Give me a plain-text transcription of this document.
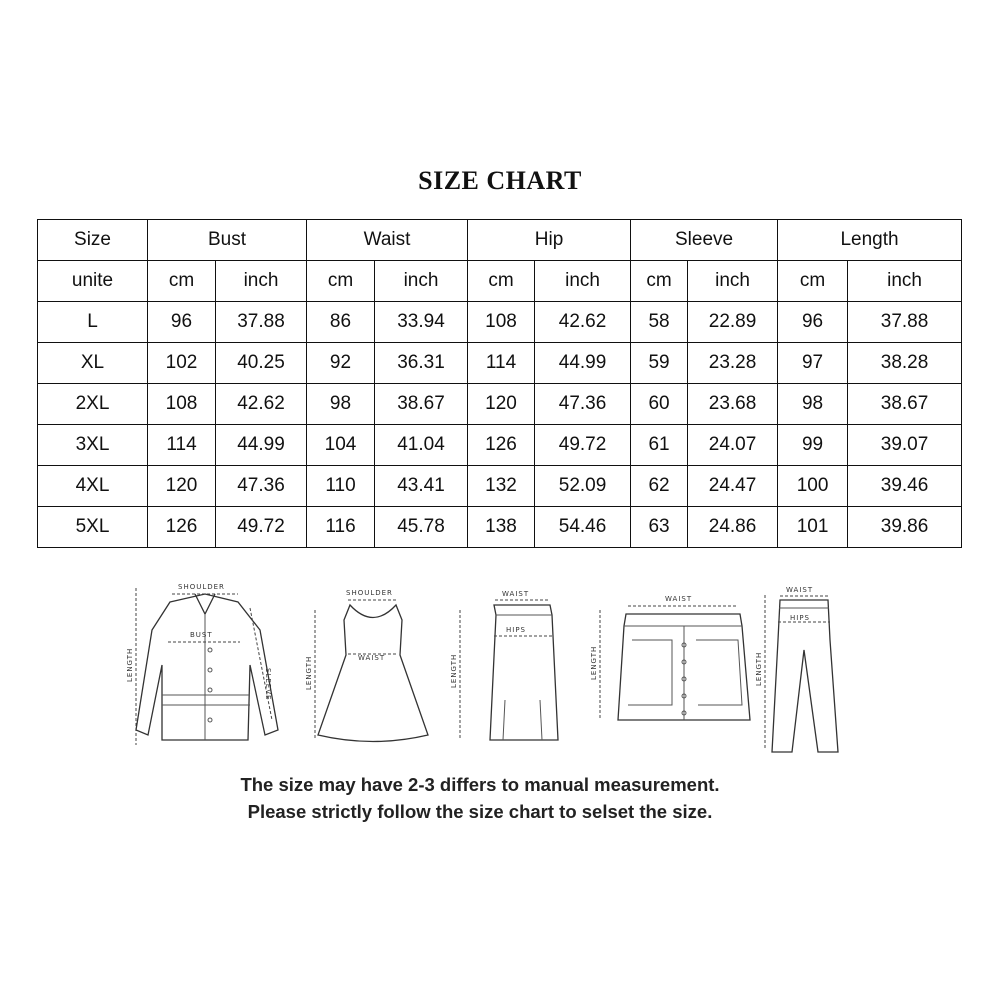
SIZE CHART
Size	Bust		Waist		Hip		Sleeve		Length	
unite	cm	inch	cm	inch	cm	inch	cm	inch	cm	inch
L	96	37.88	86	33.94	108	42.62	58	22.89	96	37.88
XL	102	40.25	92	36.31	114	44.99	59	23.28	97	38.28
2XL	108	42.62	98	38.67	120	47.36	60	23.68	98	38.67
3XL	114	44.99	104	41.04	126	49.72	61	24.07	99	39.07
4XL	120	47.36	110	43.41	132	52.09	62	24.47	100	39.46
5XL	126	49.72	116	45.78	138	54.46	63	24.86	101	39.86
LENGTH
SHOULDER
BUST
SLEEVE	LENGTH
SHOULDER
WAIST	LENGTH
WAIST
HIPS
LENGTH
WAIST
LENGTH
WAIST
HIPS
The size may have 2-3 differs to manual measurement.
Please strictly follow the size chart to selset the size.
